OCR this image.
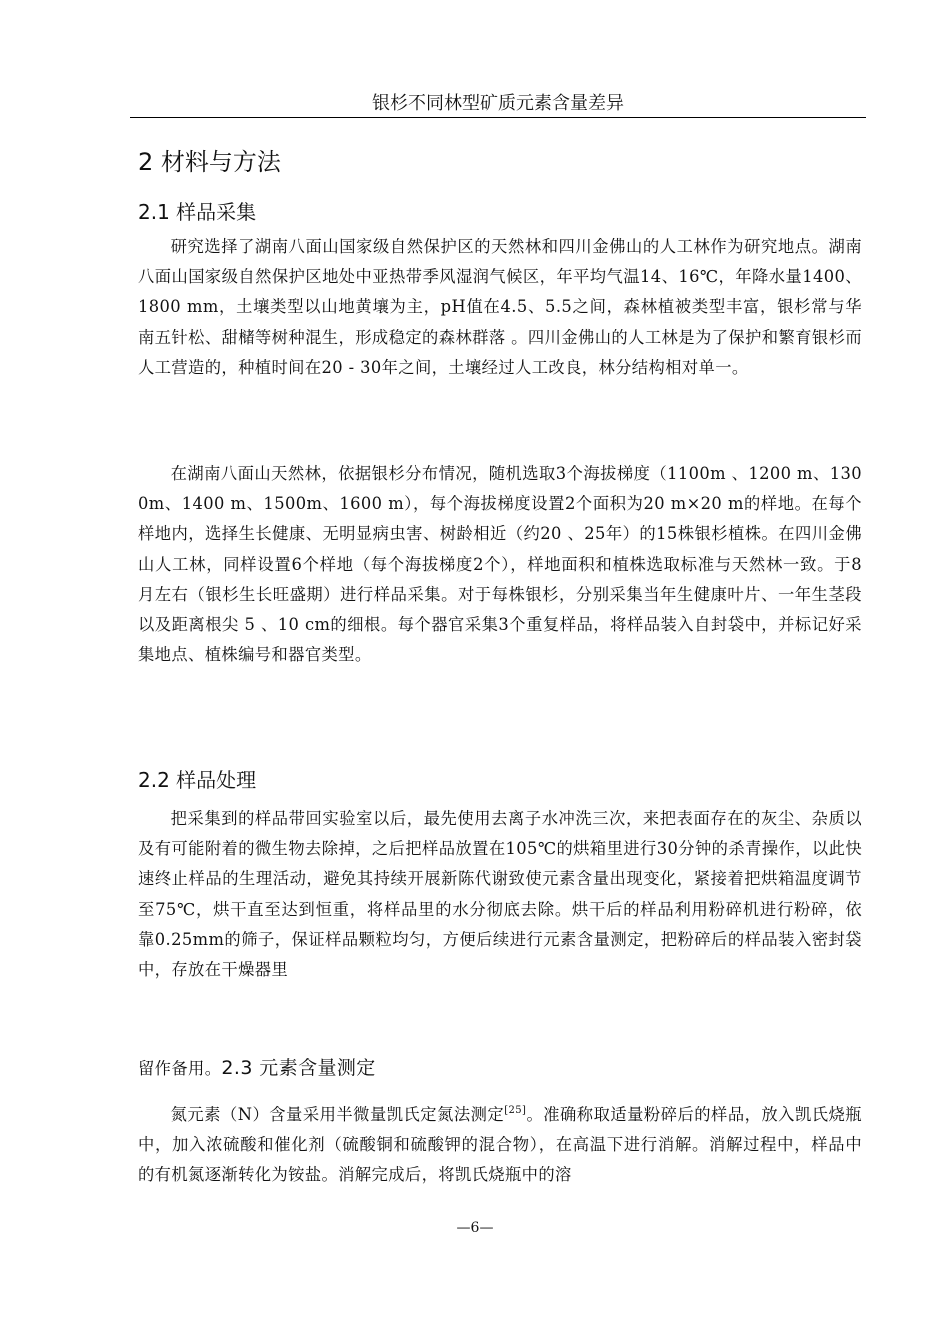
银杉不同林型矿质元素含量差异
2 材料与方法
2.1 样品采集

研究选择了湖南八面山国家级自然保护区的天然林和四川金佛山的人工林作为研究地点。湖南八面山国家级自然保护区地处中亚热带季风湿润气候区，年平均气温14、16℃，年降水量1400、1800 mm，土壤类型以山地黄壤为主，pH值在4.5、5.5之间，森林植被类型丰富，银杉常与华南五针松、甜槠等树种混生，形成稳定的森林群落 。四川金佛山的人工林是为了保护和繁育银杉而人工营造的，种植时间在20 - 30年之间，土壤经过人工改良，林分结构相对单一。

在湖南八面山天然林，依据银杉分布情况，随机选取3个海拔梯度（1100m 、1200 m、1300m、1400 m、1500m、1600 m），每个海拔梯度设置2个面积为20 m×20 m的样地。在每个样地内，选择生长健康、无明显病虫害、树龄相近（约20 、25年）的15株银杉植株。在四川金佛山人工林，同样设置6个样地（每个海拔梯度2个），样地面积和植株选取标准与天然林一致。于8月左右（银杉生长旺盛期）进行样品采集。对于每株银杉，分别采集当年生健康叶片、一年生茎段以及距离根尖 5 、10 cm的细根。每个器官采集3个重复样品，将样品装入自封袋中，并标记好采集地点、植株编号和器官类型。

2.2 样品处理

把采集到的样品带回实验室以后，最先使用去离子水冲洗三次，来把表面存在的灰尘、杂质以及有可能附着的微生物去除掉，之后把样品放置在105℃的烘箱里进行30分钟的杀青操作，以此快速终止样品的生理活动，避免其持续开展新陈代谢致使元素含量出现变化，紧接着把烘箱温度调节至75℃，烘干直至达到恒重，将样品里的水分彻底去除。烘干后的样品利用粉碎机进行粉碎，依靠0.25mm的筛子，保证样品颗粒均匀，方便后续进行元素含量测定，把粉碎后的样品装入密封袋中，存放在干燥器里

留作备用。2.3 元素含量测定

氮元素（N）含量采用半微量凯氏定氮法测定[25]。准确称取适量粉碎后的样品，放入凯氏烧瓶中，加入浓硫酸和催化剂（硫酸铜和硫酸钾的混合物），在高温下进行消解。消解过程中，样品中的有机氮逐渐转化为铵盐。消解完成后，将凯氏烧瓶中的溶

—6—
